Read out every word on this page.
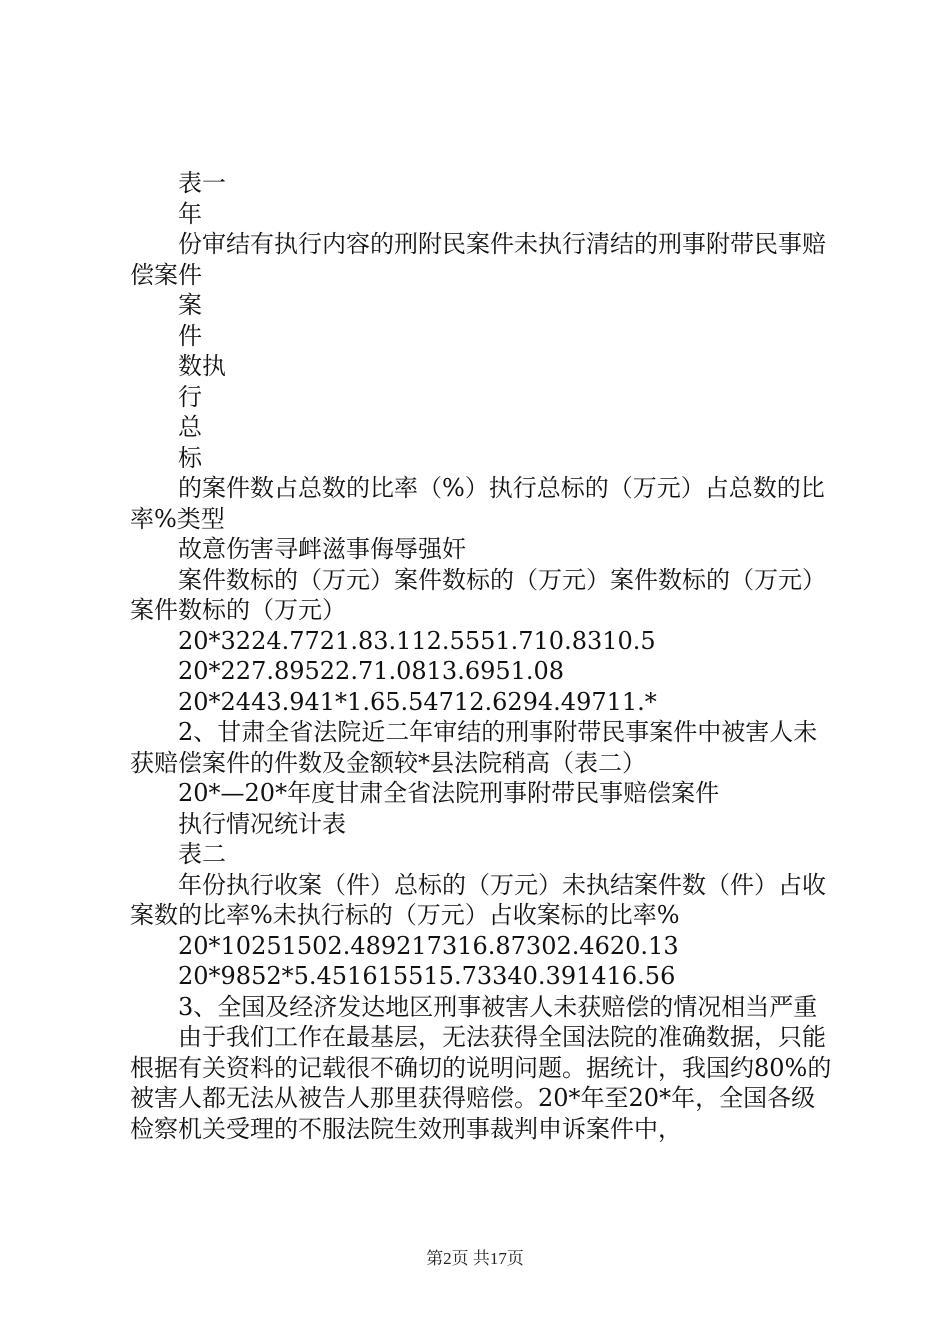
表一

年

份审结有执行内容的刑附民案件未执行清结的刑事附带民事赔偿案件

案

件

数执

行

总

标

的案件数占总数的比率（%）执行总标的（万元）占总数的比率%类型

故意伤害寻衅滋事侮辱强奸

案件数标的（万元）案件数标的（万元）案件数标的（万元）案件数标的（万元）

20*3224.7721.83.112.5551.710.8310.5

20*227.89522.71.0813.6951.08

20*2443.941*1.65.54712.6294.49711.*

2、甘肃全省法院近二年审结的刑事附带民事案件中被害人未获赔偿案件的件数及金额较*县法院稍高（表二）

20*—20*年度甘肃全省法院刑事附带民事赔偿案件

执行情况统计表

表二

年份执行收案（件）总标的（万元）未执结案件数（件）占收案数的比率%未执行标的（万元）占收案标的比率%

20*10251502.489217316.87302.4620.13

20*9852*5.451615515.73340.391416.56

3、全国及经济发达地区刑事被害人未获赔偿的情况相当严重

由于我们工作在最基层，无法获得全国法院的准确数据，只能根据有关资料的记载很不确切的说明问题。据统计，我国约80%的被害人都无法从被告人那里获得赔偿。20*年至20*年，全国各级检察机关受理的不服法院生效刑事裁判申诉案件中，

第2页 共17页
